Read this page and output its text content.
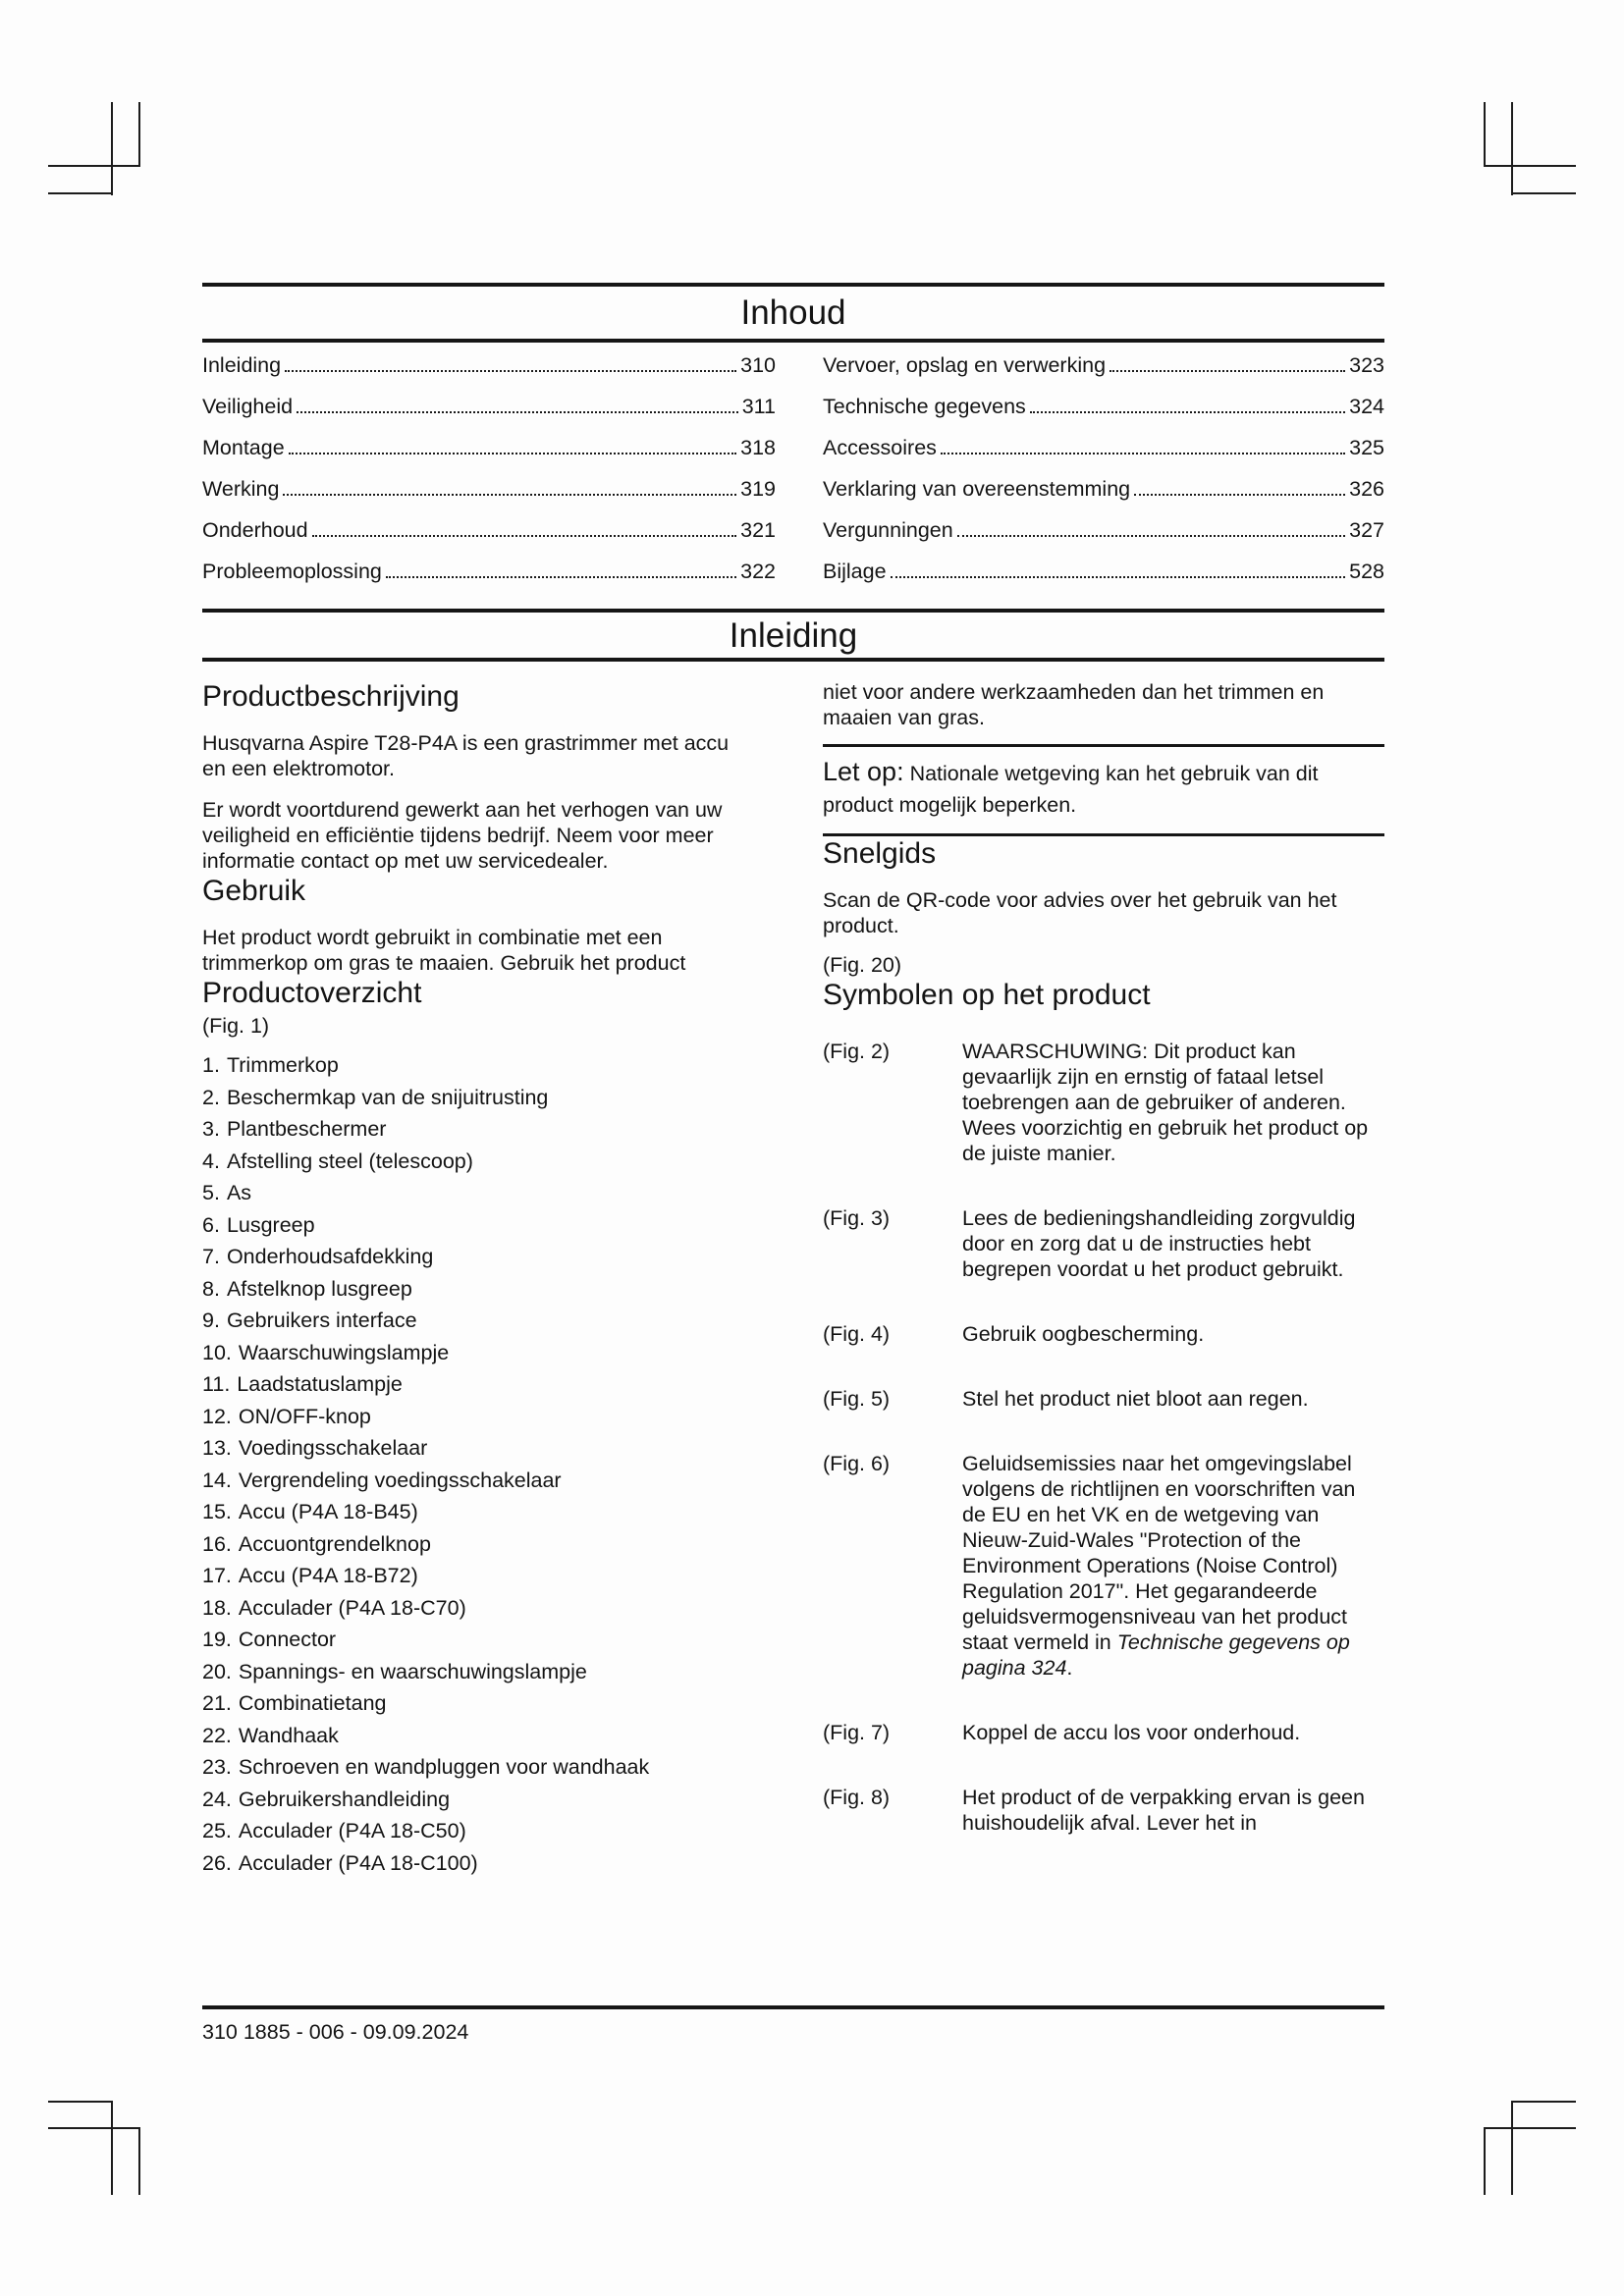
Inhoud
Inleiding	310
Veiligheid	311
Montage	318
Werking	319
Onderhoud	321
Probleemoplossing	322
Vervoer, opslag en verwerking	323
Technische gegevens	324
Accessoires	325
Verklaring van overeenstemming	326
Vergunningen	327
Bijlage	528
Inleiding
Productbeschrijving

Husqvarna Aspire T28-P4A is een grastrimmer met accu en een elektromotor.

Er wordt voortdurend gewerkt aan het verhogen van uw veiligheid en efficiëntie tijdens bedrijf. Neem voor meer informatie contact op met uw servicedealer.

Gebruik

Het product wordt gebruikt in combinatie met een trimmerkop om gras te maaien. Gebruik het product

Productoverzicht
(Fig. 1)
1. Trimmerkop
2. Beschermkap van de snijuitrusting
3. Plantbeschermer
4. Afstelling steel (telescoop)
5. As
6. Lusgreep
7. Onderhoudsafdekking
8. Afstelknop lusgreep
9. Gebruikers interface
10. Waarschuwingslampje
11. Laadstatuslampje
12. ON/OFF-knop
13. Voedingsschakelaar
14. Vergrendeling voedingsschakelaar
15. Accu (P4A 18-B45)
16. Accuontgrendelknop
17. Accu (P4A 18-B72)
18. Acculader (P4A 18-C70)
19. Connector
20. Spannings- en waarschuwingslampje
21. Combinatietang
22. Wandhaak
23. Schroeven en wandpluggen voor wandhaak
24. Gebruikershandleiding
25. Acculader (P4A 18-C50)
26. Acculader (P4A 18-C100)

niet voor andere werkzaamheden dan het trimmen en maaien van gras.

Let op: Nationale wetgeving kan het gebruik van dit product mogelijk beperken.
Snelgids

Scan de QR-code voor advies over het gebruik van het product.

(Fig. 20)
Symbolen op het product
(Fig. 2)	WAARSCHUWING: Dit product kan gevaarlijk zijn en ernstig of fataal letsel toebrengen aan de gebruiker of anderen. Wees voorzichtig en gebruik het product op de juiste manier.
(Fig. 3)	Lees de bedieningshandleiding zorgvuldig door en zorg dat u de instructies hebt begrepen voordat u het product gebruikt.
(Fig. 4)	Gebruik oogbescherming.
(Fig. 5)	Stel het product niet bloot aan regen.
(Fig. 6)	Geluidsemissies naar het omgevingslabel volgens de richtlijnen en voorschriften van de EU en het VK en de wetgeving van Nieuw-Zuid-Wales "Protection of the Environment Operations (Noise Control) Regulation 2017". Het gegarandeerde geluidsvermogensniveau van het product staat vermeld in Technische gegevens op pagina 324.
(Fig. 7)	Koppel de accu los voor onderhoud.
(Fig. 8)	Het product of de verpakking ervan is geen huishoudelijk afval. Lever het in
310 1885 - 006 - 09.09.2024
